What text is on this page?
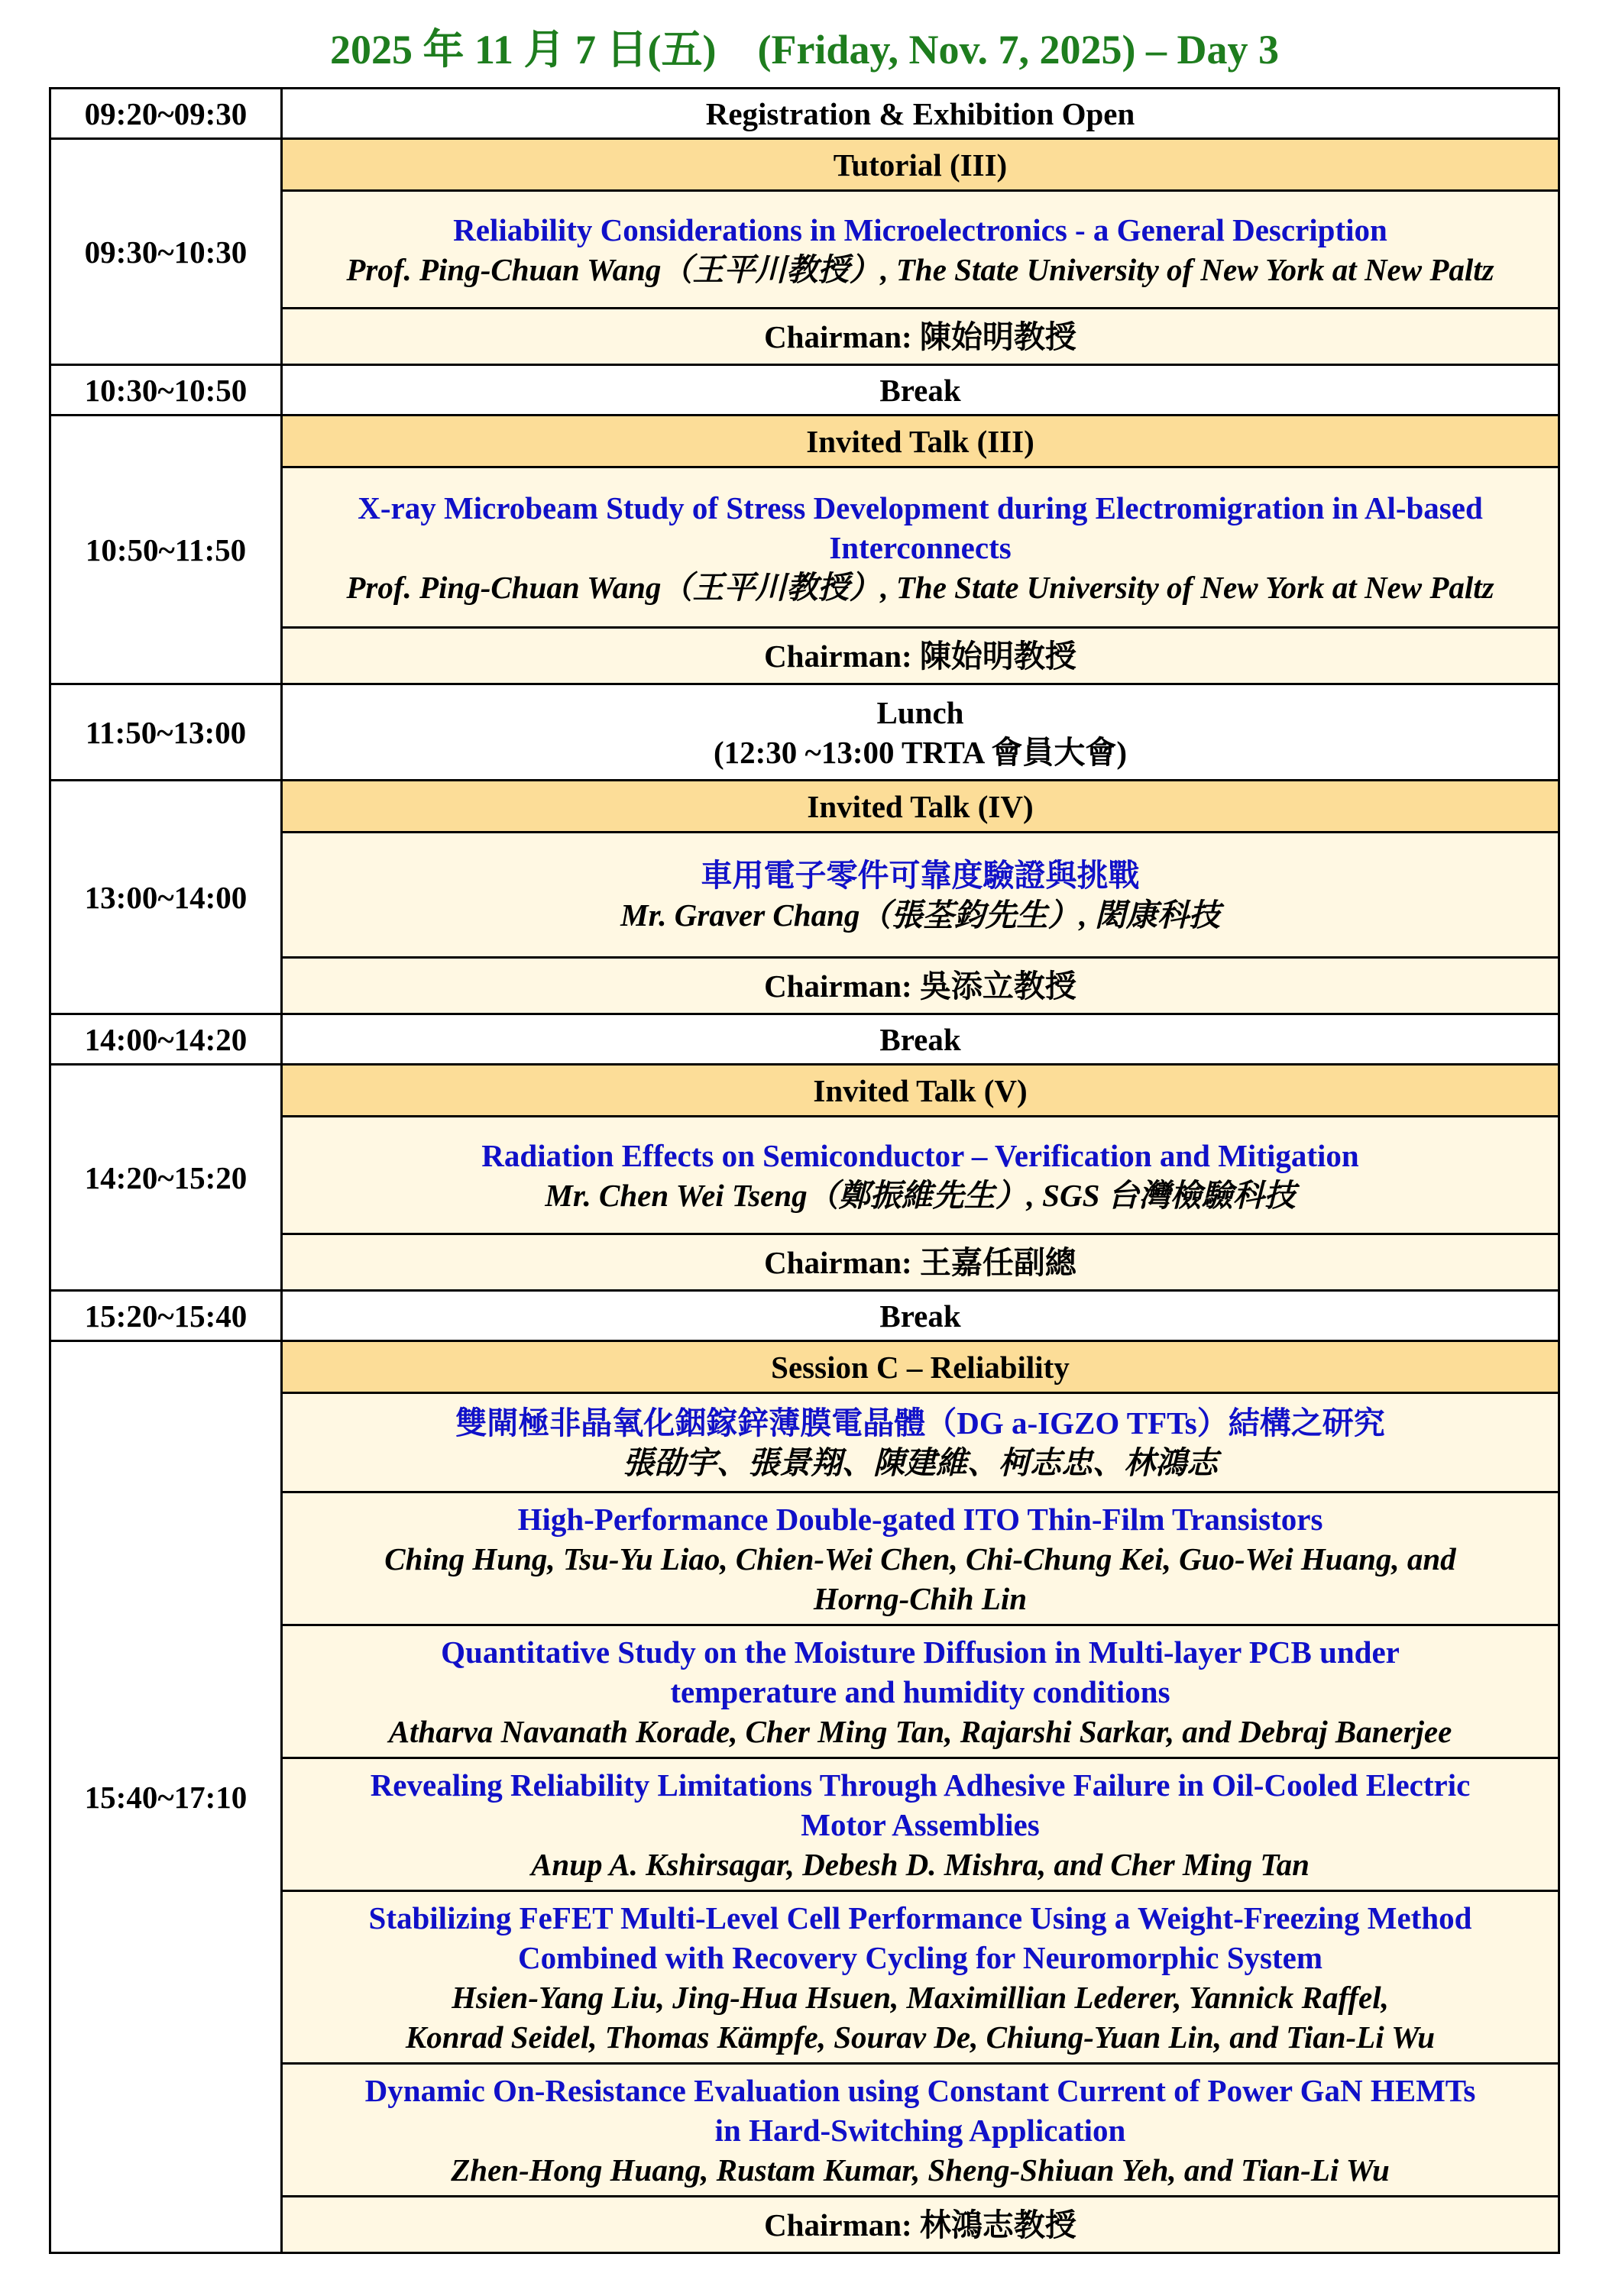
2025 年 11 月 7 日(五)    (Friday, Nov. 7, 2025) – Day 3
09:20~09:30	Registration & Exhibition Open
09:30~10:30	Tutorial (III)

	Reliability Considerations in Microelectronics - a General Description
Prof. Ping-Chuan Wang（王平川教授）, The State University of New York at New Paltz

	Chairman: 陳始明教授
10:30~10:50	Break
10:50~11:50	Invited Talk (III)

	X-ray Microbeam Study of Stress Development during Electromigration in Al-based Interconnects
Prof. Ping-Chuan Wang（王平川教授）, The State University of New York at New Paltz

	Chairman: 陳始明教授
11:50~13:00	Lunch
(12:30 ~13:00 TRTA 會員大會)

13:00~14:00	Invited Talk (IV)

	車用電子零件可靠度驗證與挑戰
Mr. Graver Chang（張荃鈞先生）, 閎康科技

	Chairman: 吳添立教授
14:00~14:20	Break
14:20~15:20	Invited Talk (V)

	Radiation Effects on Semiconductor – Verification and Mitigation
Mr. Chen Wei Tseng（鄭振維先生）, SGS 台灣檢驗科技

	Chairman: 王嘉任副總
15:20~15:40	Break
15:40~17:10	Session C – Reliability

	雙閘極非晶氧化銦鎵鋅薄膜電晶體（DG a-IGZO TFTs）結構之研究
張劭宇、張景翔、陳建維、柯志忠、林鴻志

	High-Performance Double-gated ITO Thin-Film Transistors
Ching Hung, Tsu-Yu Liao, Chien-Wei Chen, Chi-Chung Kei, Guo-Wei Huang, and
Horng-Chih Lin

	Quantitative Study on the Moisture Diffusion in Multi-layer PCB under
temperature and humidity conditions
Atharva Navanath Korade, Cher Ming Tan, Rajarshi Sarkar, and Debraj Banerjee

	Revealing Reliability Limitations Through Adhesive Failure in Oil-Cooled Electric
Motor Assemblies
Anup A. Kshirsagar, Debesh D. Mishra, and Cher Ming Tan

	Stabilizing FeFET Multi-Level Cell Performance Using a Weight-Freezing Method
Combined with Recovery Cycling for Neuromorphic System
Hsien-Yang Liu, Jing-Hua Hsuen, Maximillian Lederer, Yannick Raffel,
Konrad Seidel, Thomas Kämpfe, Sourav De, Chiung-Yuan Lin, and Tian-Li Wu

	Dynamic On-Resistance Evaluation using Constant Current of Power GaN HEMTs
in Hard-Switching Application
Zhen-Hong Huang, Rustam Kumar, Sheng-Shiuan Yeh, and Tian-Li Wu

	Chairman: 林鴻志教授
